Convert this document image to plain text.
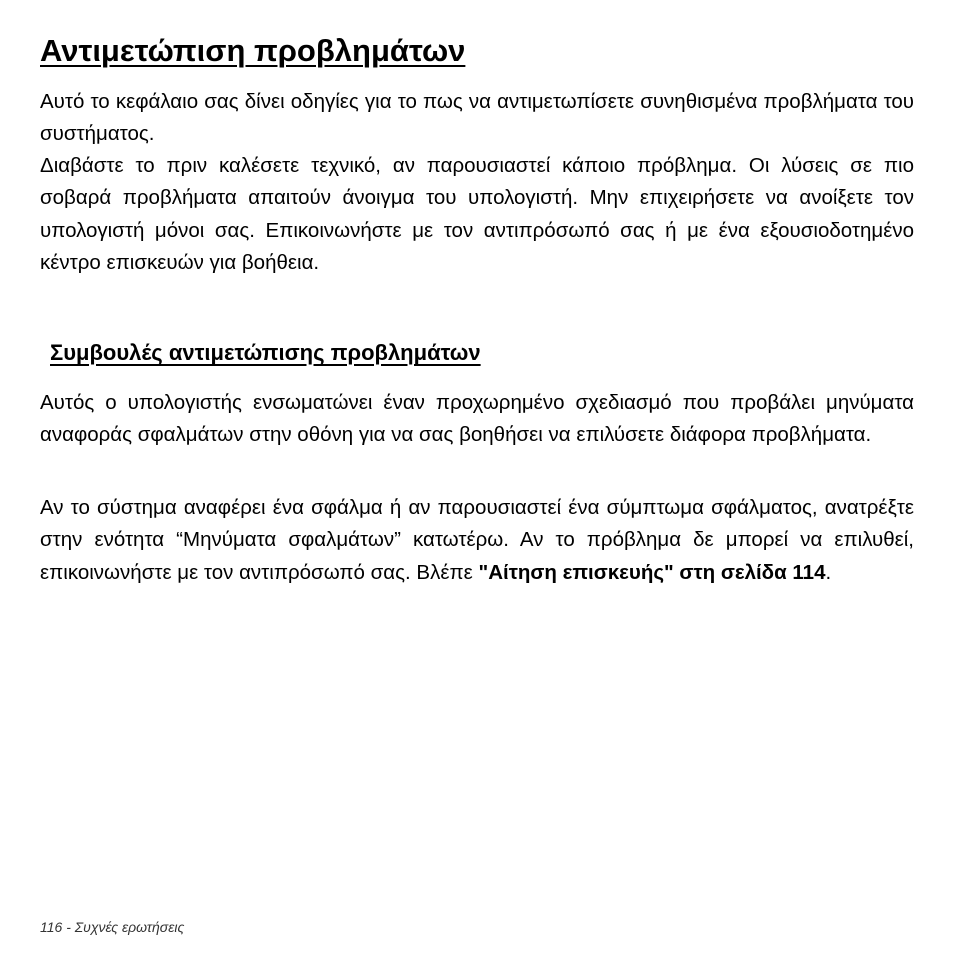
Αντιμετώπιση προβλημάτων

Αυτό το κεφάλαιο σας δίνει οδηγίες για το πως να αντιμετωπίσετε συνηθισμένα προβλήματα του συστήματος.

Διαβάστε το πριν καλέσετε τεχνικό, αν παρουσιαστεί κάποιο πρόβλημα. Οι λύσεις σε πιο σοβαρά προβλήματα απαιτούν άνοιγμα του υπολογιστή. Μην επιχειρήσετε να ανοίξετε τον υπολογιστή μόνοι σας. Επικοινωνήστε με τον αντιπρόσωπό σας ή με ένα εξουσιοδοτημένο κέντρο επισκευών για βοήθεια.

Συμβουλές αντιμετώπισης προβλημάτων

Αυτός ο υπολογιστής ενσωματώνει έναν προχωρημένο σχεδιασμό που προβάλει μηνύματα αναφοράς σφαλμάτων στην οθόνη για να σας βοηθήσει να επιλύσετε διάφορα προβλήματα.

Αν το σύστημα αναφέρει ένα σφάλμα ή αν παρουσιαστεί ένα σύμπτωμα σφάλματος, ανατρέξτε στην ενότητα “Μηνύματα σφαλμάτων” κατωτέρω. Αν το πρόβλημα δε μπορεί να επιλυθεί, επικοινωνήστε με τον αντιπρόσωπό σας. Βλέπε "Αίτηση επισκευής" στη σελίδα 114.

116 - Συχνές ερωτήσεις
